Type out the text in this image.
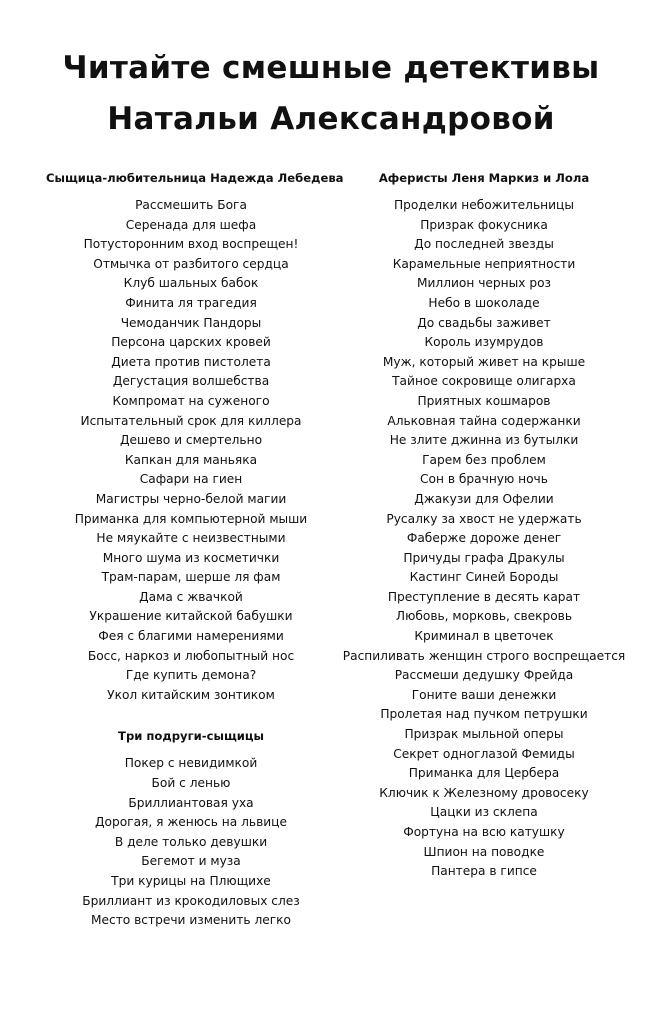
Читайте смешные детективы
Натальи Александровой
Сыщица-любительница Надежда Лебедева
Рассмешить Бога
Серенада для шефа
Потусторонним вход воспрещен!
Отмычка от разбитого сердца
Клуб шальных бабок
Финита ля трагедия
Чемоданчик Пандоры
Персона царских кровей
Диета против пистолета
Дегустация волшебства
Компромат на суженого
Испытательный срок для киллера
Дешево и смертельно
Капкан для маньяка
Сафари на гиен
Магистры черно-белой магии
Приманка для компьютерной мыши
Не мяукайте с неизвестными
Много шума из косметички
Трам-парам, шерше ля фам
Дама с жвачкой
Украшение китайской бабушки
Фея с благими намерениями
Босс, наркоз и любопытный нос
Где купить демона?
Укол китайским зонтиком
Три подруги-сыщицы
Покер с невидимкой
Бой с ленью
Бриллиантовая уха
Дорогая, я женюсь на львице
В деле только девушки
Бегемот и муза
Три курицы на Плющихе
Бриллиант из крокодиловых слез
Место встречи изменить легко
Аферисты Леня Маркиз и Лола
Проделки небожительницы
Призрак фокусника
До последней звезды
Карамельные неприятности
Миллион черных роз
Небо в шоколаде
До свадьбы заживет
Король изумрудов
Муж, который живет на крыше
Тайное сокровище олигарха
Приятных кошмаров
Альковная тайна содержанки
Не злите джинна из бутылки
Гарем без проблем
Сон в брачную ночь
Джакузи для Офелии
Русалку за хвост не удержать
Фаберже дороже денег
Причуды графа Дракулы
Кастинг Синей Бороды
Преступление в десять карат
Любовь, морковь, свекровь
Криминал в цветочек
Распиливать женщин строго воспрещается
Рассмеши дедушку Фрейда
Гоните ваши денежки
Пролетая над пучком петрушки
Призрак мыльной оперы
Секрет одноглазой Фемиды
Приманка для Цербера
Ключик к Железному дровосеку
Цацки из склепа
Фортуна на всю катушку
Шпион на поводке
Пантера в гипсе
